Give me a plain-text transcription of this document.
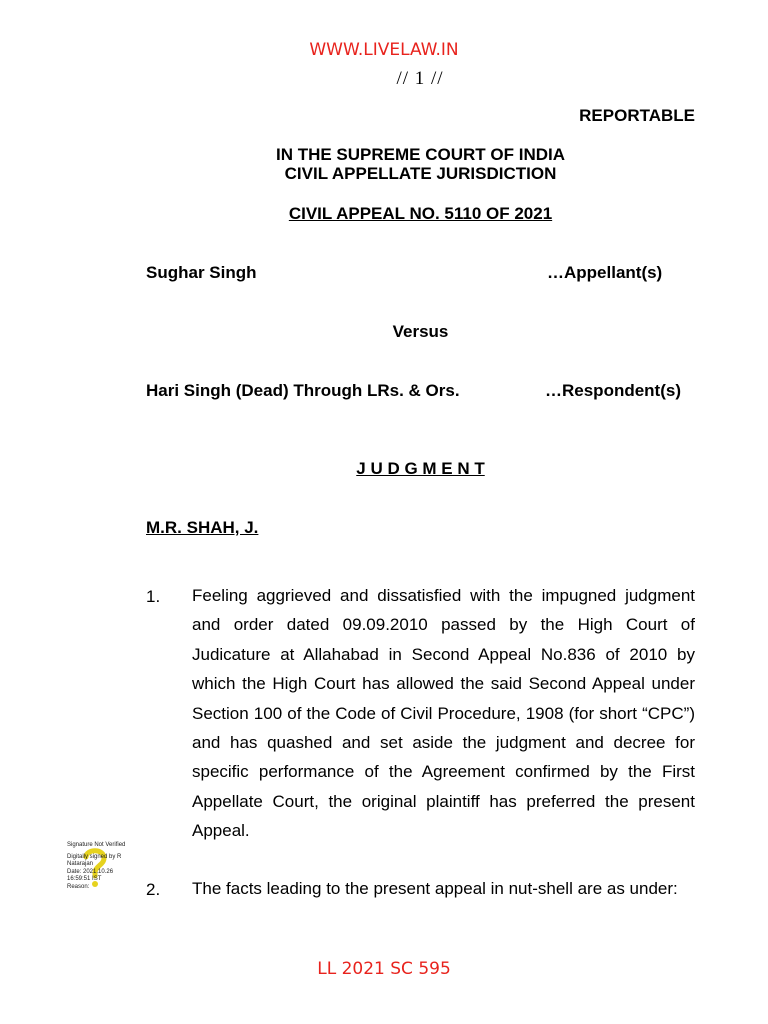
WWW.LIVELAW.IN
// 1 //
REPORTABLE
IN THE SUPREME COURT OF INDIA
CIVIL APPELLATE JURISDICTION
CIVIL APPEAL NO. 5110 OF 2021
Sughar Singh	…Appellant(s)
Versus
Hari Singh (Dead) Through LRs. & Ors.	…Respondent(s)
J U D G M E N T
M.R. SHAH, J.
1. Feeling aggrieved and dissatisfied with the impugned judgment and order dated 09.09.2010 passed by the High Court of Judicature at Allahabad in Second Appeal No.836 of 2010 by which the High Court has allowed the said Second Appeal under Section 100 of the Code of Civil Procedure, 1908 (for short “CPC”) and has quashed and set aside the judgment and decree for specific performance of the Agreement confirmed by the First Appellate Court, the original plaintiff has preferred the present Appeal.
2. The facts leading to the present appeal in nut-shell are as under:
Signature Not Verified
Digitally signed by R
Natarajan
Date: 2021.10.26
16:59:51 IST
Reason:
LL 2021 SC 595
